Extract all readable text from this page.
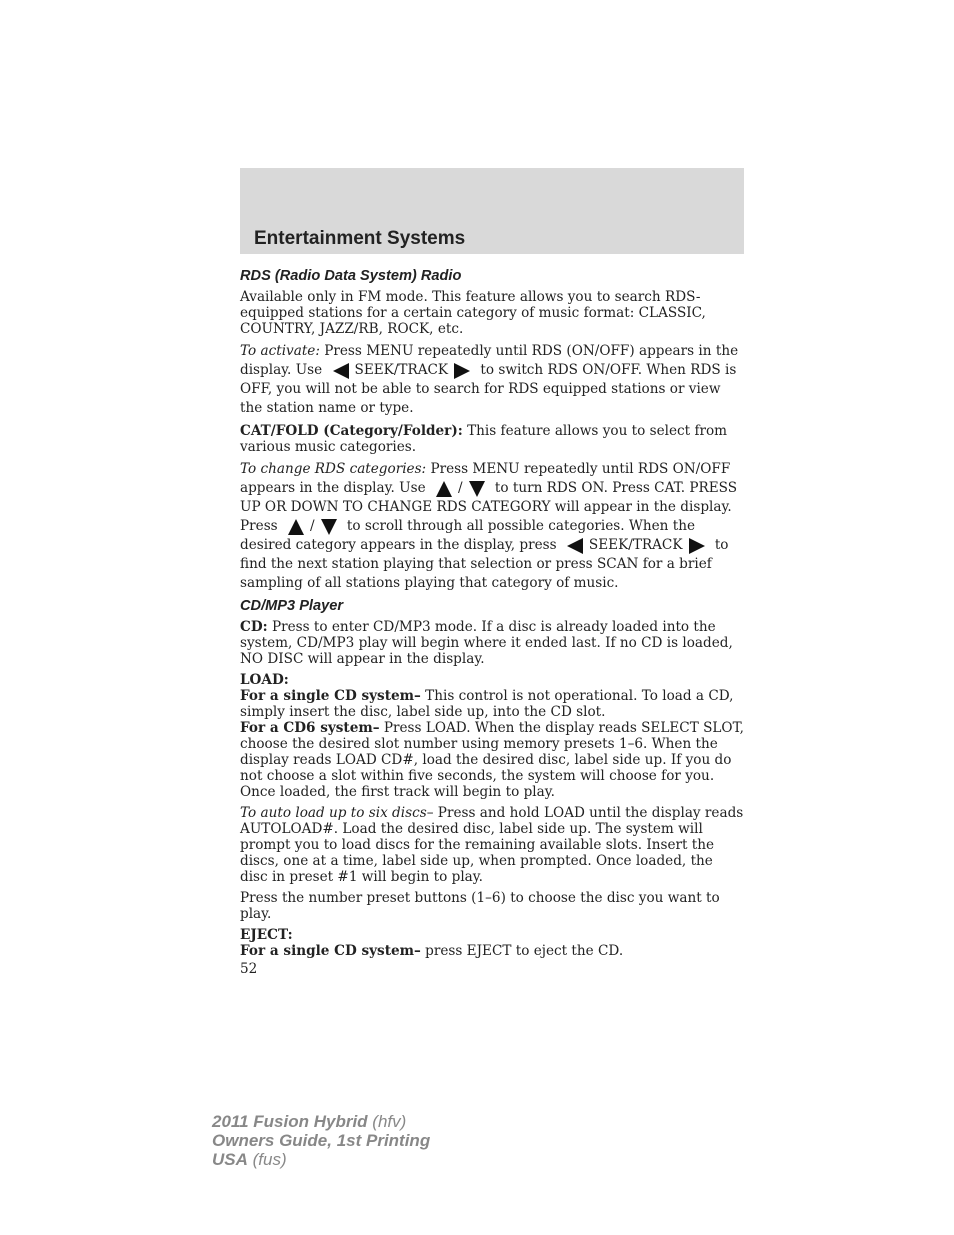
Entertainment Systems
RDS (Radio Data System) Radio

Available only in FM mode. This feature allows you to search RDS-equipped stations for a certain category of music format: CLASSIC, COUNTRY, JAZZ/RB, ROCK, etc.

To activate: Press MENU repeatedly until RDS (ON/OFF) appears in the display. Use SEEK/TRACK to switch RDS ON/OFF. When RDS is OFF, you will not be able to search for RDS equipped stations or view the station name or type.

CAT/FOLD (Category/Folder): This feature allows you to select from various music categories.

To change RDS categories: Press MENU repeatedly until RDS ON/OFF appears in the display. Use / to turn RDS ON. Press CAT. PRESS UP OR DOWN TO CHANGE RDS CATEGORY will appear in the display. Press / to scroll through all possible categories. When the desired category appears in the display, press SEEK/TRACK to find the next station playing that selection or press SCAN for a brief sampling of all stations playing that category of music.

CD/MP3 Player

CD: Press to enter CD/MP3 mode. If a disc is already loaded into the system, CD/MP3 play will begin where it ended last. If no CD is loaded, NO DISC will appear in the display.

LOAD:

For a single CD system– This control is not operational. To load a CD, simply insert the disc, label side up, into the CD slot.

For a CD6 system– Press LOAD. When the display reads SELECT SLOT, choose the desired slot number using memory presets 1–6. When the display reads LOAD CD#, load the desired disc, label side up. If you do not choose a slot within five seconds, the system will choose for you. Once loaded, the first track will begin to play.

To auto load up to six discs– Press and hold LOAD until the display reads AUTOLOAD#. Load the desired disc, label side up. The system will prompt you to load discs for the remaining available slots. Insert the discs, one at a time, label side up, when prompted. Once loaded, the disc in preset #1 will begin to play.

Press the number preset buttons (1–6) to choose the disc you want to play.

EJECT:

For a single CD system– press EJECT to eject the CD.

52
2011 Fusion Hybrid (hfv)
Owners Guide, 1st Printing
USA (fus)
